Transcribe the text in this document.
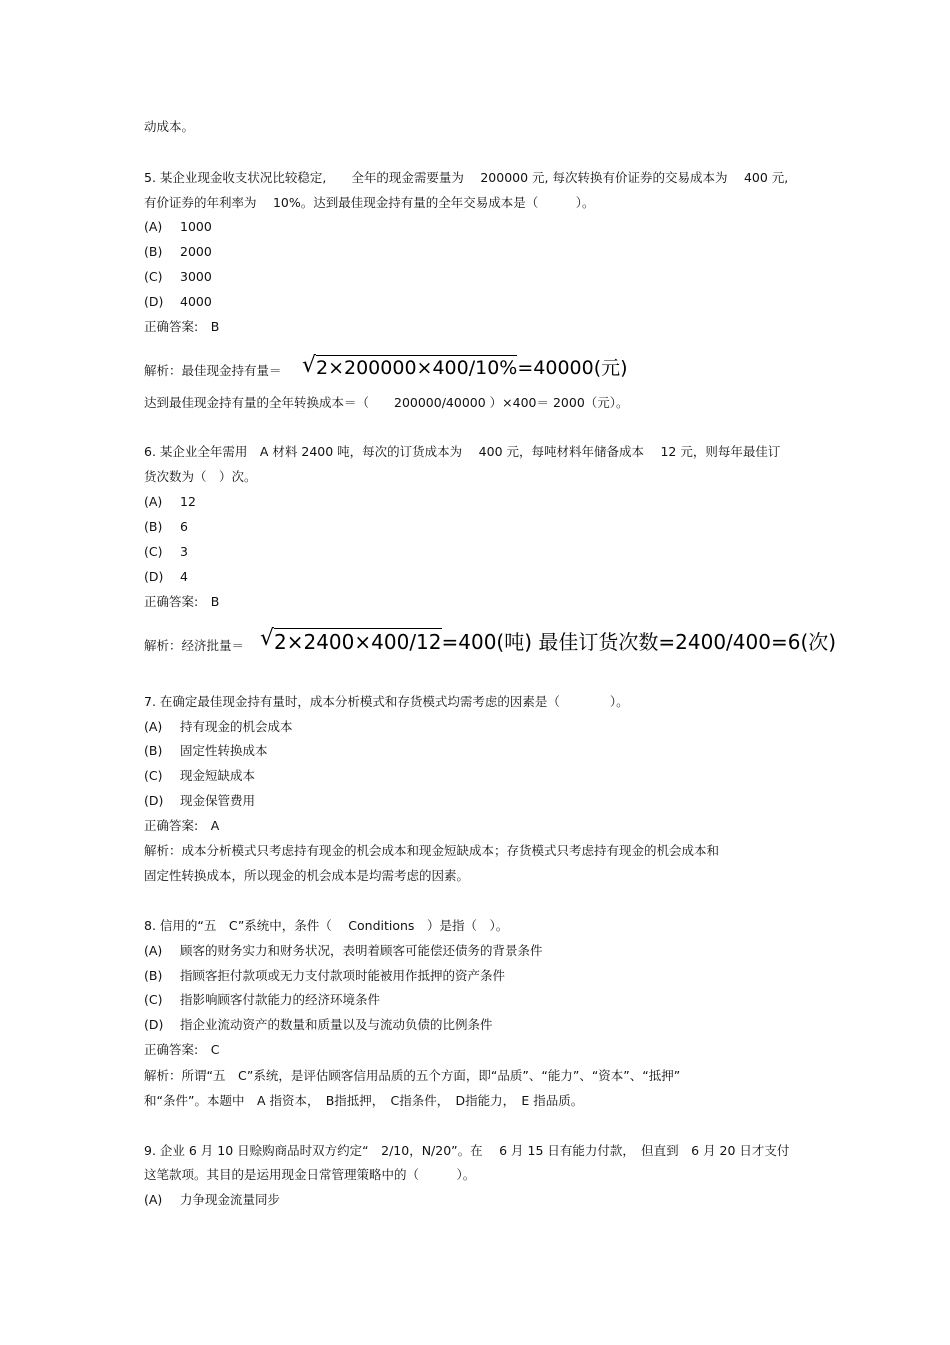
动成本。
5. 某企业现金收支状况比较稳定,　　全年的现金需要量为　 200000 元, 每次转换有价证券的交易成本为　 400 元,
有价证券的年利率为　 10%。达到最佳现金持有量的全年交易成本是（　　　）。
(A) 1000
(B) 2000
(C) 3000
(D) 4000
正确答案:　B
解析：最佳现金持有量＝ √ 2×200000×400/10%=40000(元)
达到最佳现金持有量的全年转换成本＝（　　200000/40000 ）×400＝ 2000（元）。
6. 某企业全年需用　A 材料 2400 吨，每次的订货成本为　 400 元，每吨材料年储备成本　 12 元，则每年最佳订
货次数为（　）次。
(A) 12
(B) 6
(C) 3
(D) 4
正确答案:　B
解析：经济批量＝ √ 2×2400×400/12=400(吨) 最佳订货次数=2400/400=6(次)
7. 在确定最佳现金持有量时，成本分析模式和存货模式均需考虑的因素是（　　　　）。
(A) 持有现金的机会成本
(B) 固定性转换成本
(C) 现金短缺成本
(D) 现金保管费用
正确答案:　A
解析：成本分析模式只考虑持有现金的机会成本和现金短缺成本；存货模式只考虑持有现金的机会成本和
固定性转换成本，所以现金的机会成本是均需考虑的因素。
8. 信用的“五　C”系统中，条件（　 Conditions　）是指（　）。
(A) 顾客的财务实力和财务状况，表明着顾客可能偿还债务的背景条件
(B) 指顾客拒付款项或无力支付款项时能被用作抵押的资产条件
(C) 指影响顾客付款能力的经济环境条件
(D) 指企业流动资产的数量和质量以及与流动负债的比例条件
正确答案:　C
解析：所谓“五　C”系统，是评估顾客信用品质的五个方面，即“品质”、“能力”、“资本”、“抵押”
和“条件”。本题中　A 指资本，　B指抵押，　C指条件，　D指能力，　E 指品质。
9. 企业 6 月 10 日赊购商品时双方约定“　2/10，N/20”。在　 6 月 15 日有能力付款，　但直到　6 月 20 日才支付
这笔款项。其目的是运用现金日常管理策略中的（　　　）。
(A) 力争现金流量同步
